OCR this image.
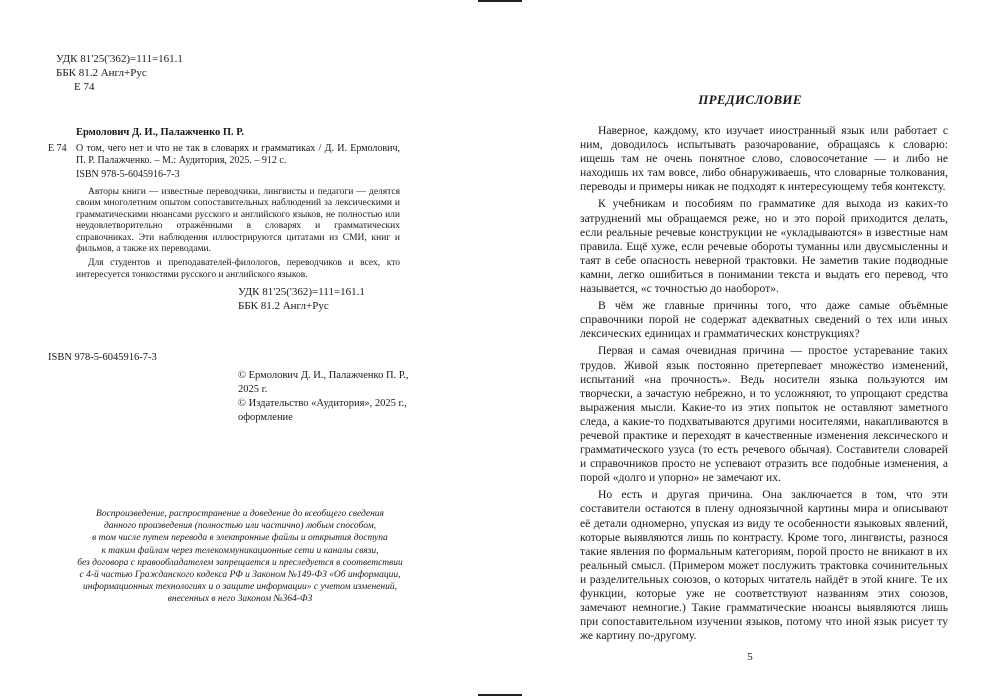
УДК 81'25('362)=111=161.1
ББК 81.2 Англ+Рус
Е 74
Ермолович Д. И., Палажченко П. Р.
Е 74 О том, чего нет и что не так в словарях и грамматиках / Д. И. Ермолович, П. Р. Палажченко. – М.: Аудитория, 2025. – 912 с.
ISBN 978-5-6045916-7-3

Авторы книги — известные переводчики, лингвисты и педагоги — делятся своим многолетним опытом сопоставительных наблюдений за лексическими и грамматическими нюансами русского и английского языков, не полностью или неудовлетворительно отражёнными в словарях и грамматических справочниках. Эти наблюдения иллюстрируются цитатами из СМИ, книг и фильмов, а также их переводами.

Для студентов и преподавателей-филологов, переводчиков и всех, кто интересуется тонкостями русского и английского языков.

УДК 81'25('362)=111=161.1
ББК 81.2 Англ+Рус
ISBN 978-5-6045916-7-3
© Ермолович Д. И., Палажченко П. Р., 2025 г.
© Издательство «Аудитория», 2025 г.,
оформление
Воспроизведение, распространение и доведение до всеобщего сведения
данного произведения (полностью или частично) любым способом,
в том числе путем перевода в электронные файлы и открытия доступа
к таким файлам через телекоммуникационные сети и каналы связи,
без договора с правообладателем запрещается и преследуется в соответствии
с 4-й частью Гражданского кодекса РФ и Законом №149-ФЗ «Об информации,
информационных технологиях и о защите информации» с учетом изменений,
внесенных в него Законом №364-ФЗ
ПРЕДИСЛОВИЕ

Наверное, каждому, кто изучает иностранный язык или работает с ним, доводилось испытывать разочарование, обращаясь к словарю: ищешь там не очень понятное слово, словосочетание — и либо не находишь их там вовсе, либо обнаруживаешь, что словарные толкования, переводы и примеры никак не подходят к интересующему тебя контексту.

К учебникам и пособиям по грамматике для выхода из каких-то затруднений мы обращаемся реже, но и это порой приходится делать, если реальные речевые конструкции не «укладываются» в известные нам правила. Ещё хуже, если речевые обороты туманны или двусмысленны и таят в себе опасность неверной трактовки. Не заметив такие подводные камни, легко ошибиться в понимании текста и выдать его перевод, что называется, «с точностью до наоборот».

В чём же главные причины того, что даже самые объёмные справочники порой не содержат адекватных сведений о тех или иных лексических единицах и грамматических конструкциях?

Первая и самая очевидная причина — простое устаревание таких трудов. Живой язык постоянно претерпевает множество изменений, испытаний «на прочность». Ведь носители языка пользуются им творчески, а зачастую небрежно, и то усложняют, то упрощают средства выражения мысли. Какие-то из этих попыток не оставляют заметного следа, а какие-то подхватываются другими носителями, накапливаются в речевой практике и переходят в качественные изменения лексического и грамматического узуса (то есть речевого обычая). Составители словарей и справочников просто не успевают отразить все подобные изменения, а порой «долго и упорно» не замечают их.

Но есть и другая причина. Она заключается в том, что эти составители остаются в плену одноязычной картины мира и описывают её детали одномерно, упуская из виду те особенности языковых явлений, которые выявляются лишь по контрасту. Кроме того, лингвисты, разнося такие явления по формальным категориям, порой просто не вникают в их реальный смысл. (Примером может послужить трактовка сочинительных и разделительных союзов, о которых читатель найдёт в этой книге. Те их функции, которые уже не соответствуют названиям этих союзов, замечают немногие.) Такие грамматические нюансы выявляются лишь при сопоставительном изучении языков, потому что иной язык рисует ту же картину по-другому.

5
